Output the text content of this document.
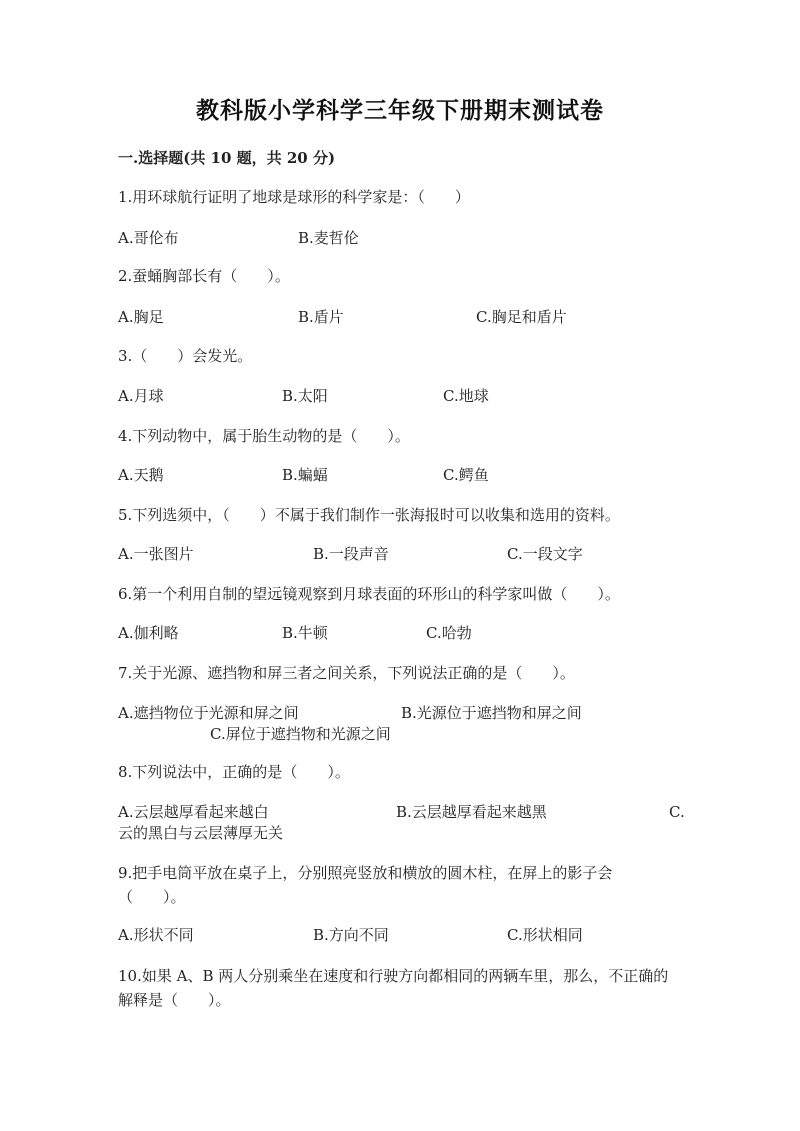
教科版小学科学三年级下册期末测试卷
一.选择题(共 10 题，共 20 分)
1.用环球航行证明了地球是球形的科学家是：（　　）
A.哥伦布	B.麦哲伦
2.蚕蛹胸部长有（　　）。
A.胸足	B.盾片	C.胸足和盾片
3.（　　）会发光。
A.月球	B.太阳	C.地球
4.下列动物中，属于胎生动物的是（　　）。
A.天鹅	B.蝙蝠	C.鳄鱼
5.下列选须中，（　　）不属于我们制作一张海报时可以收集和选用的资料。
A.一张图片	B.一段声音	C.一段文字
6.第一个利用自制的望远镜观察到月球表面的环形山的科学家叫做（　　）。
A.伽利略	B.牛顿	C.哈勃
7.关于光源、遮挡物和屏三者之间关系，下列说法正确的是（　　）。
A.遮挡物位于光源和屏之间	B.光源位于遮挡物和屏之间
C.屏位于遮挡物和光源之间
8.下列说法中，正确的是（　　）。
A.云层越厚看起来越白	B.云层越厚看起来越黑	C.
云的黑白与云层薄厚无关
9.把手电筒平放在桌子上，分别照亮竖放和横放的圆木柱，在屏上的影子会（　　）。
A.形状不同	B.方向不同	C.形状相同
10.如果 A、B 两人分别乘坐在速度和行驶方向都相同的两辆车里，那么，不正确的解释是（　　）。
